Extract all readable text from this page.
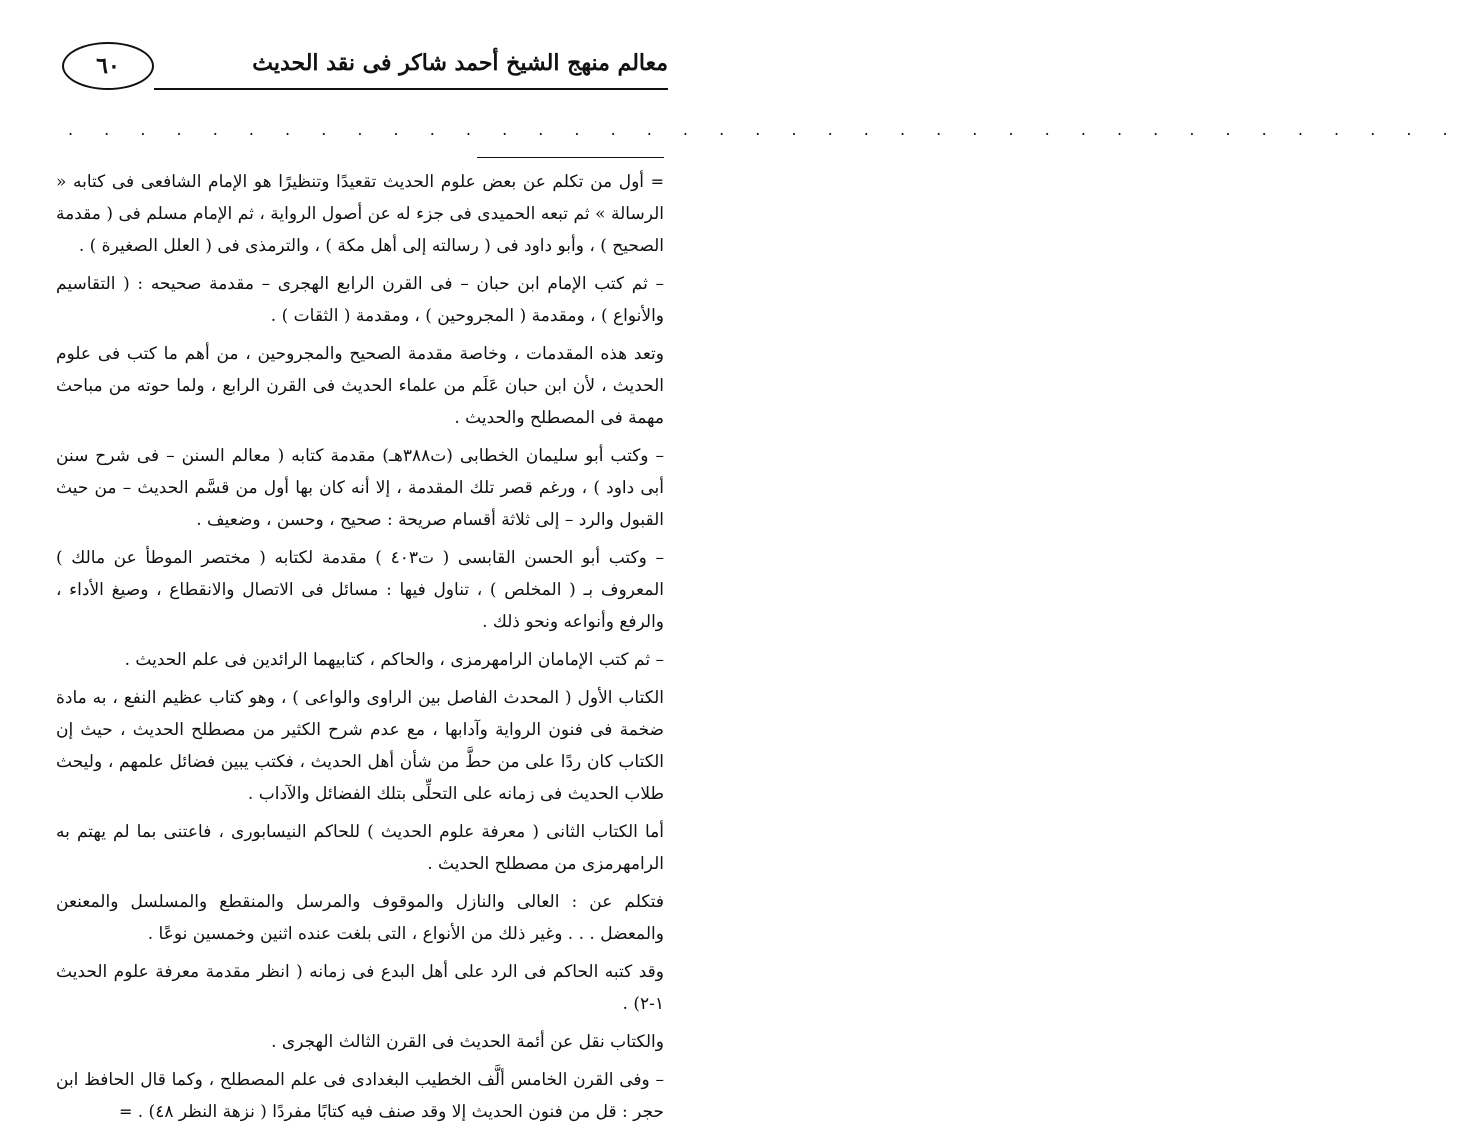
٦٠	معالم منهج الشيخ أحمد شاكر فى نقد الحديث
. . . . . . . . . . . . . . . . . . . . . . . . . . . . . . . . . . . . . . .

= أول من تكلم عن بعض علوم الحديث تقعيدًا وتنظيرًا هو الإمام الشافعى فى كتابه « الرسالة » ثم تبعه الحميدى فى جزء له عن أصول الرواية ، ثم الإمام مسلم فى ( مقدمة الصحيح ) ، وأبو داود فى ( رسالته إلى أهل مكة ) ، والترمذى فى ( العلل الصغيرة ) .

– ثم كتب الإمام ابن حبان – فى القرن الرابع الهجرى – مقدمة صحيحه : ( التقاسيم والأنواع ) ، ومقدمة ( المجروحين ) ، ومقدمة ( الثقات ) .

وتعد هذه المقدمات ، وخاصة مقدمة الصحيح والمجروحين ، من أهم ما كتب فى علوم الحديث ، لأن ابن حبان عَلَم من علماء الحديث فى القرن الرابع ، ولما حوته من مباحث مهمة فى المصطلح والحديث .

– وكتب أبو سليمان الخطابى (ت٣٨٨هـ) مقدمة كتابه ( معالم السنن – فى شرح سنن أبى داود ) ، ورغم قصر تلك المقدمة ، إلا أنه كان بها أول من قسَّم الحديث – من حيث القبول والرد – إلى ثلاثة أقسام صريحة : صحيح ، وحسن ، وضعيف .

– وكتب أبو الحسن القابسى ( ت٤٠٣ ) مقدمة لكتابه ( مختصر الموطأ عن مالك ) المعروف بـ ( المخلص ) ، تناول فيها : مسائل فى الاتصال والانقطاع ، وصيغ الأداء ، والرفع وأنواعه ونحو ذلك .

– ثم كتب الإمامان الرامهرمزى ، والحاكم ، كتابيهما الرائدين فى علم الحديث .

الكتاب الأول ( المحدث الفاصل بين الراوى والواعى ) ، وهو كتاب عظيم النفع ، به مادة ضخمة فى فنون الرواية وآدابها ، مع عدم شرح الكثير من مصطلح الحديث ، حيث إن الكتاب كان ردًا على من حطَّ من شأن أهل الحديث ، فكتب يبين فضائل علمهم ، وليحث طلاب الحديث فى زمانه على التحلِّى بتلك الفضائل والآداب .

أما الكتاب الثانى ( معرفة علوم الحديث ) للحاكم النيسابورى ، فاعتنى بما لم يهتم به الرامهرمزى من مصطلح الحديث .

فتكلم عن : العالى والنازل والموقوف والمرسل والمنقطع والمسلسل والمعنعن والمعضل . . . وغير ذلك من الأنواع ، التى بلغت عنده اثنين وخمسين نوعًا .

وقد كتبه الحاكم فى الرد على أهل البدع فى زمانه ( انظر مقدمة معرفة علوم الحديث ١-٢) .

والكتاب نقل عن أئمة الحديث فى القرن الثالث الهجرى .

– وفى القرن الخامس ألَّف الخطيب البغدادى فى علم المصطلح ، وكما قال الحافظ ابن حجر : قل من فنون الحديث إلا وقد صنف فيه كتابًا مفردًا ( نزهة النظر ٤٨) . =
